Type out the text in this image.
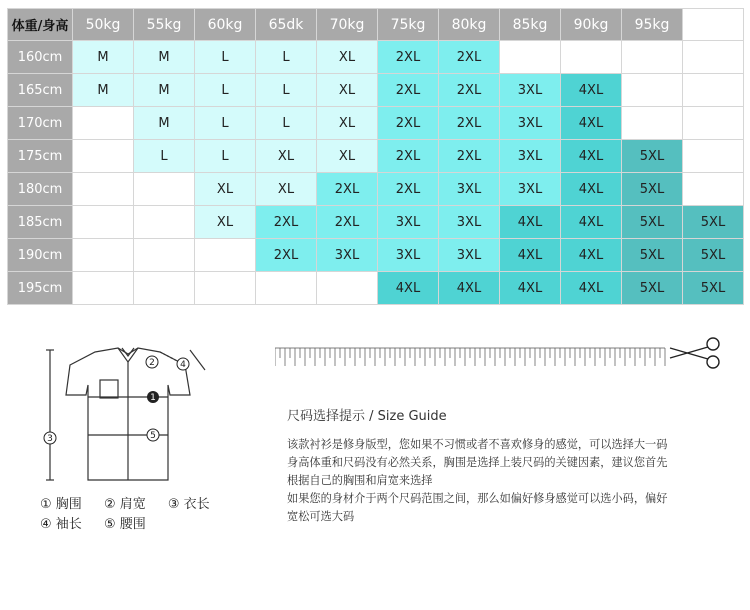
体重/身高	50kg	55kg	60kg	65dk	70kg	75kg	80kg	85kg	90kg	95kg	
160cm	M	M	L	L	XL	2XL	2XL				
165cm	M	M	L	L	XL	2XL	2XL	3XL	4XL		
170cm		M	L	L	XL	2XL	2XL	3XL	4XL		
175cm		L	L	XL	XL	2XL	2XL	3XL	4XL	5XL	
180cm			XL	XL	2XL	2XL	3XL	3XL	4XL	5XL	
185cm			XL	2XL	2XL	3XL	3XL	4XL	4XL	5XL	5XL
190cm				2XL	3XL	3XL	3XL	4XL	4XL	5XL	5XL
195cm						4XL	4XL	4XL	4XL	5XL	5XL
1
2
3
4
5
① 胸围 ② 肩宽 ③ 衣长
④ 袖长 ⑤ 腰围
尺码选择提示 / Size Guide

该款衬衫是修身版型，您如果不习惯或者不喜欢修身的感觉，可以选择大一码

身高体重和尺码没有必然关系，胸围是选择上装尺码的关键因素，建议您首先

根据自己的胸围和肩宽来选择

如果您的身材介于两个尺码范围之间，那么如偏好修身感觉可以选小码，偏好

宽松可选大码
